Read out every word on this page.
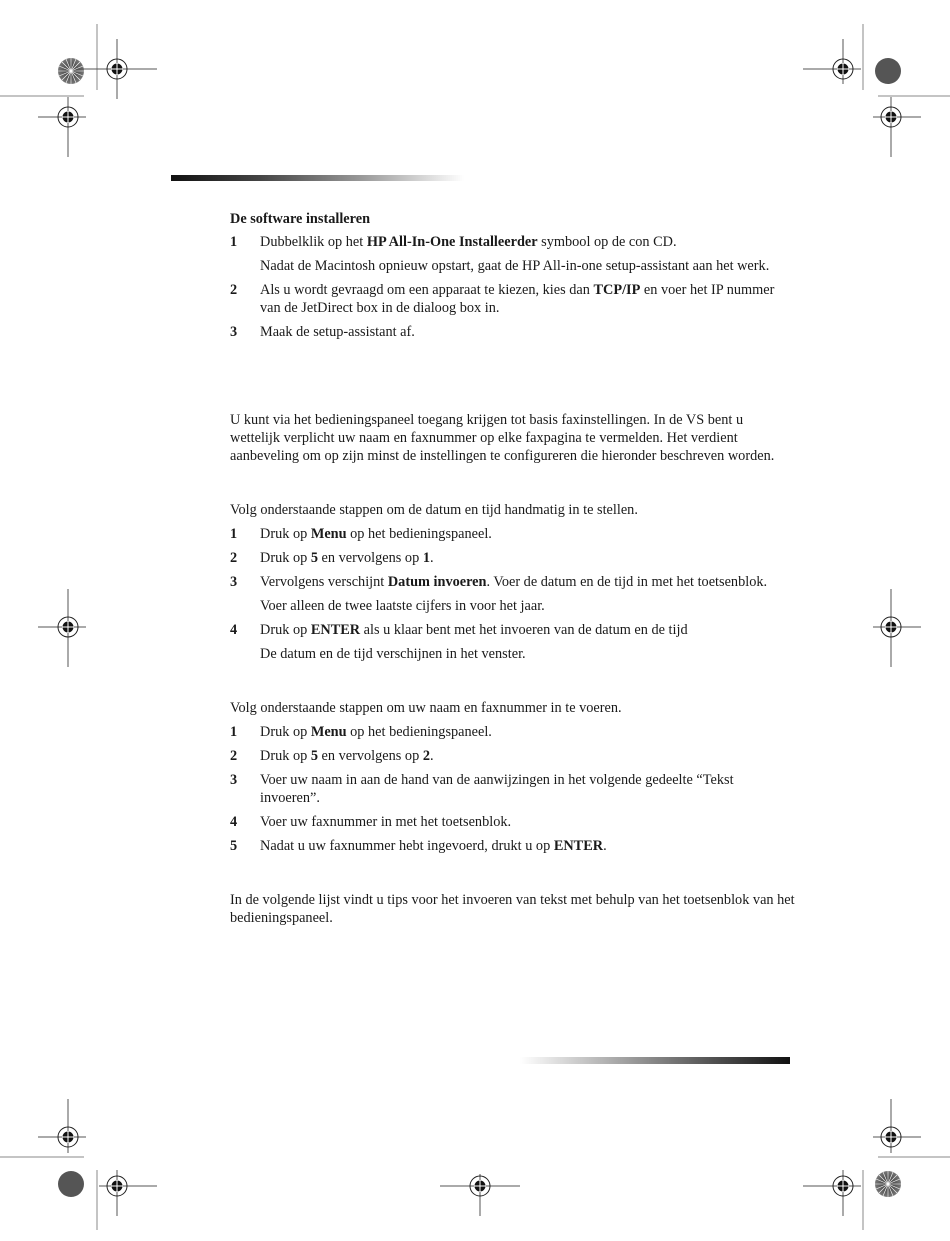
De software installeren
1	Dubbelklik op het HP All-In-One Installeerder symbool op de con CD.
Nadat de Macintosh opnieuw opstart, gaat de HP All-in-one setup-assistant aan het werk.
2	Als u wordt gevraagd om een apparaat te kiezen, kies dan TCP/IP en voer het IP nummer van de JetDirect box in de dialoog box in.
3	Maak de setup-assistant af.

U kunt via het bedieningspaneel toegang krijgen tot basis faxinstellingen. In de VS bent u wettelijk verplicht uw naam en faxnummer op elke faxpagina te vermelden. Het verdient aanbeveling om op zijn minst de instellingen te configureren die hieronder beschreven worden.

Volg onderstaande stappen om de datum en tijd handmatig in te stellen.

1	Druk op Menu op het bedieningspaneel.
2	Druk op 5 en vervolgens op 1.
3	Vervolgens verschijnt Datum invoeren. Voer de datum en de tijd in met het toetsenblok.
Voer alleen de twee laatste cijfers in voor het jaar.
4	Druk op ENTER als u klaar bent met het invoeren van de datum en de tijd
De datum en de tijd verschijnen in het venster.

Volg onderstaande stappen om uw naam en faxnummer in te voeren.

1	Druk op Menu op het bedieningspaneel.
2	Druk op 5 en vervolgens op 2.
3	Voer uw naam in aan de hand van de aanwijzingen in het volgende gedeelte “Tekst invoeren”.
4	Voer uw faxnummer in met het toetsenblok.
5	Nadat u uw faxnummer hebt ingevoerd, drukt u op ENTER.

In de volgende lijst vindt u tips voor het invoeren van tekst met behulp van het toetsenblok van het bedieningspaneel.
